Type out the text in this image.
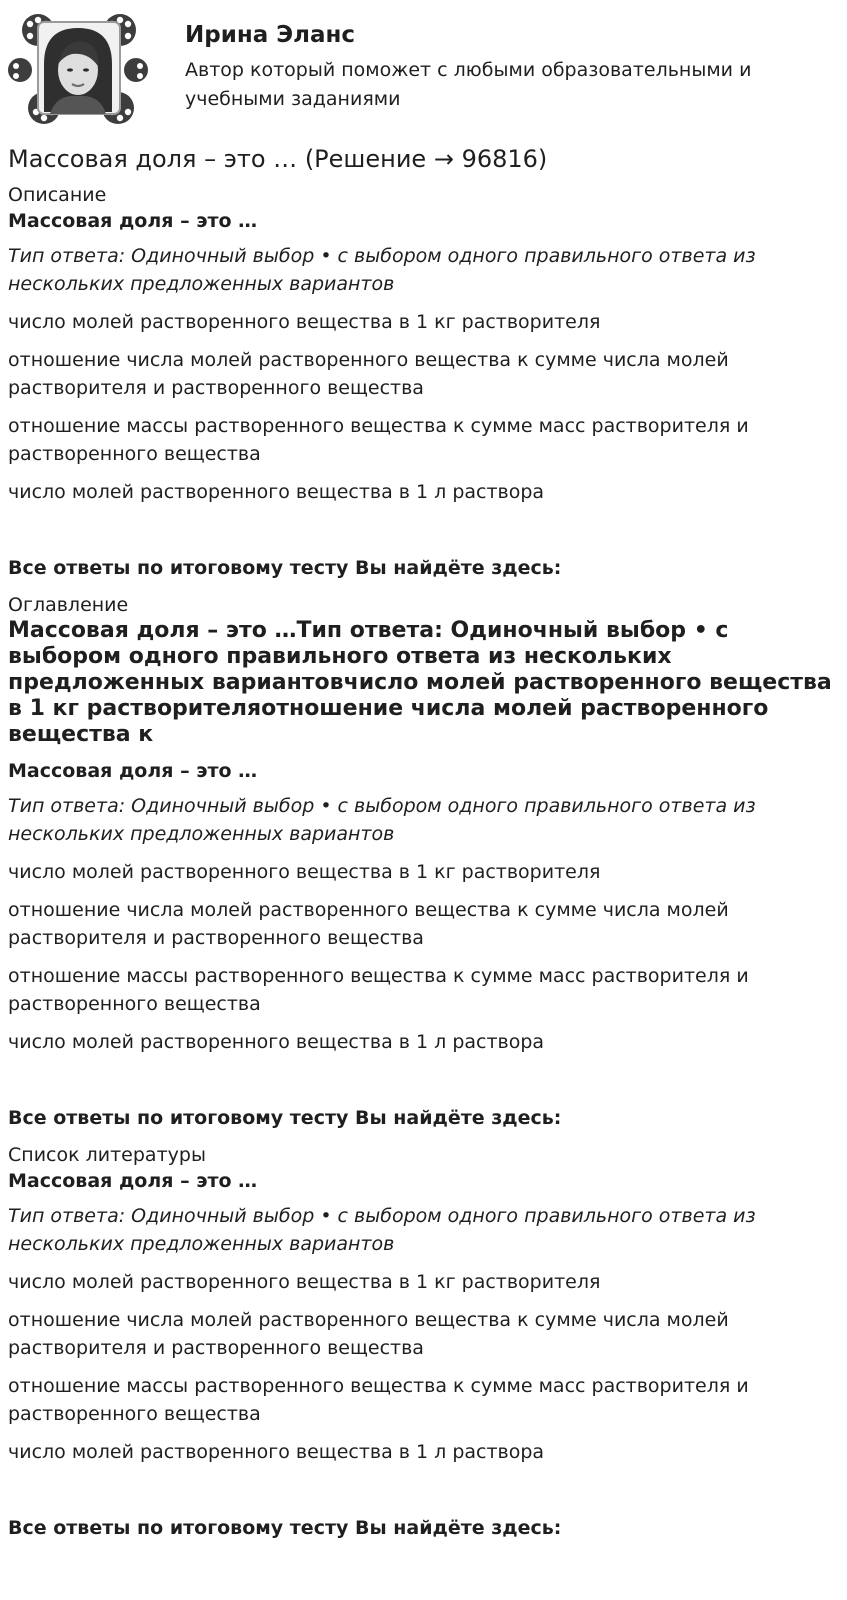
Ирина Эланс
Автор который поможет с любыми образовательными и учебными заданиями
Массовая доля – это … (Решение → 96816)
Описание
Массовая доля – это …
Тип ответа: Одиночный выбор • с выбором одного правильного ответа из нескольких предложенных вариантов
число молей растворенного вещества в 1 кг растворителя
отношение числа молей растворенного вещества к сумме числа молей растворителя и растворенного вещества
отношение массы растворенного вещества к сумме масс растворителя и растворенного вещества
число молей растворенного вещества в 1 л раствора
Все ответы по итоговому тесту Вы найдёте здесь:
Оглавление
Массовая доля – это …Тип ответа: Одиночный выбор • с выбором одного правильного ответа из нескольких предложенных вариантовчисло молей растворенного вещества в 1 кг растворителяотношение числа молей растворенного вещества к
Массовая доля – это …
Тип ответа: Одиночный выбор • с выбором одного правильного ответа из нескольких предложенных вариантов
число молей растворенного вещества в 1 кг растворителя
отношение числа молей растворенного вещества к сумме числа молей растворителя и растворенного вещества
отношение массы растворенного вещества к сумме масс растворителя и растворенного вещества
число молей растворенного вещества в 1 л раствора
Все ответы по итоговому тесту Вы найдёте здесь:
Список литературы
Массовая доля – это …
Тип ответа: Одиночный выбор • с выбором одного правильного ответа из нескольких предложенных вариантов
число молей растворенного вещества в 1 кг растворителя
отношение числа молей растворенного вещества к сумме числа молей растворителя и растворенного вещества
отношение массы растворенного вещества к сумме масс растворителя и растворенного вещества
число молей растворенного вещества в 1 л раствора
Все ответы по итоговому тесту Вы найдёте здесь:
